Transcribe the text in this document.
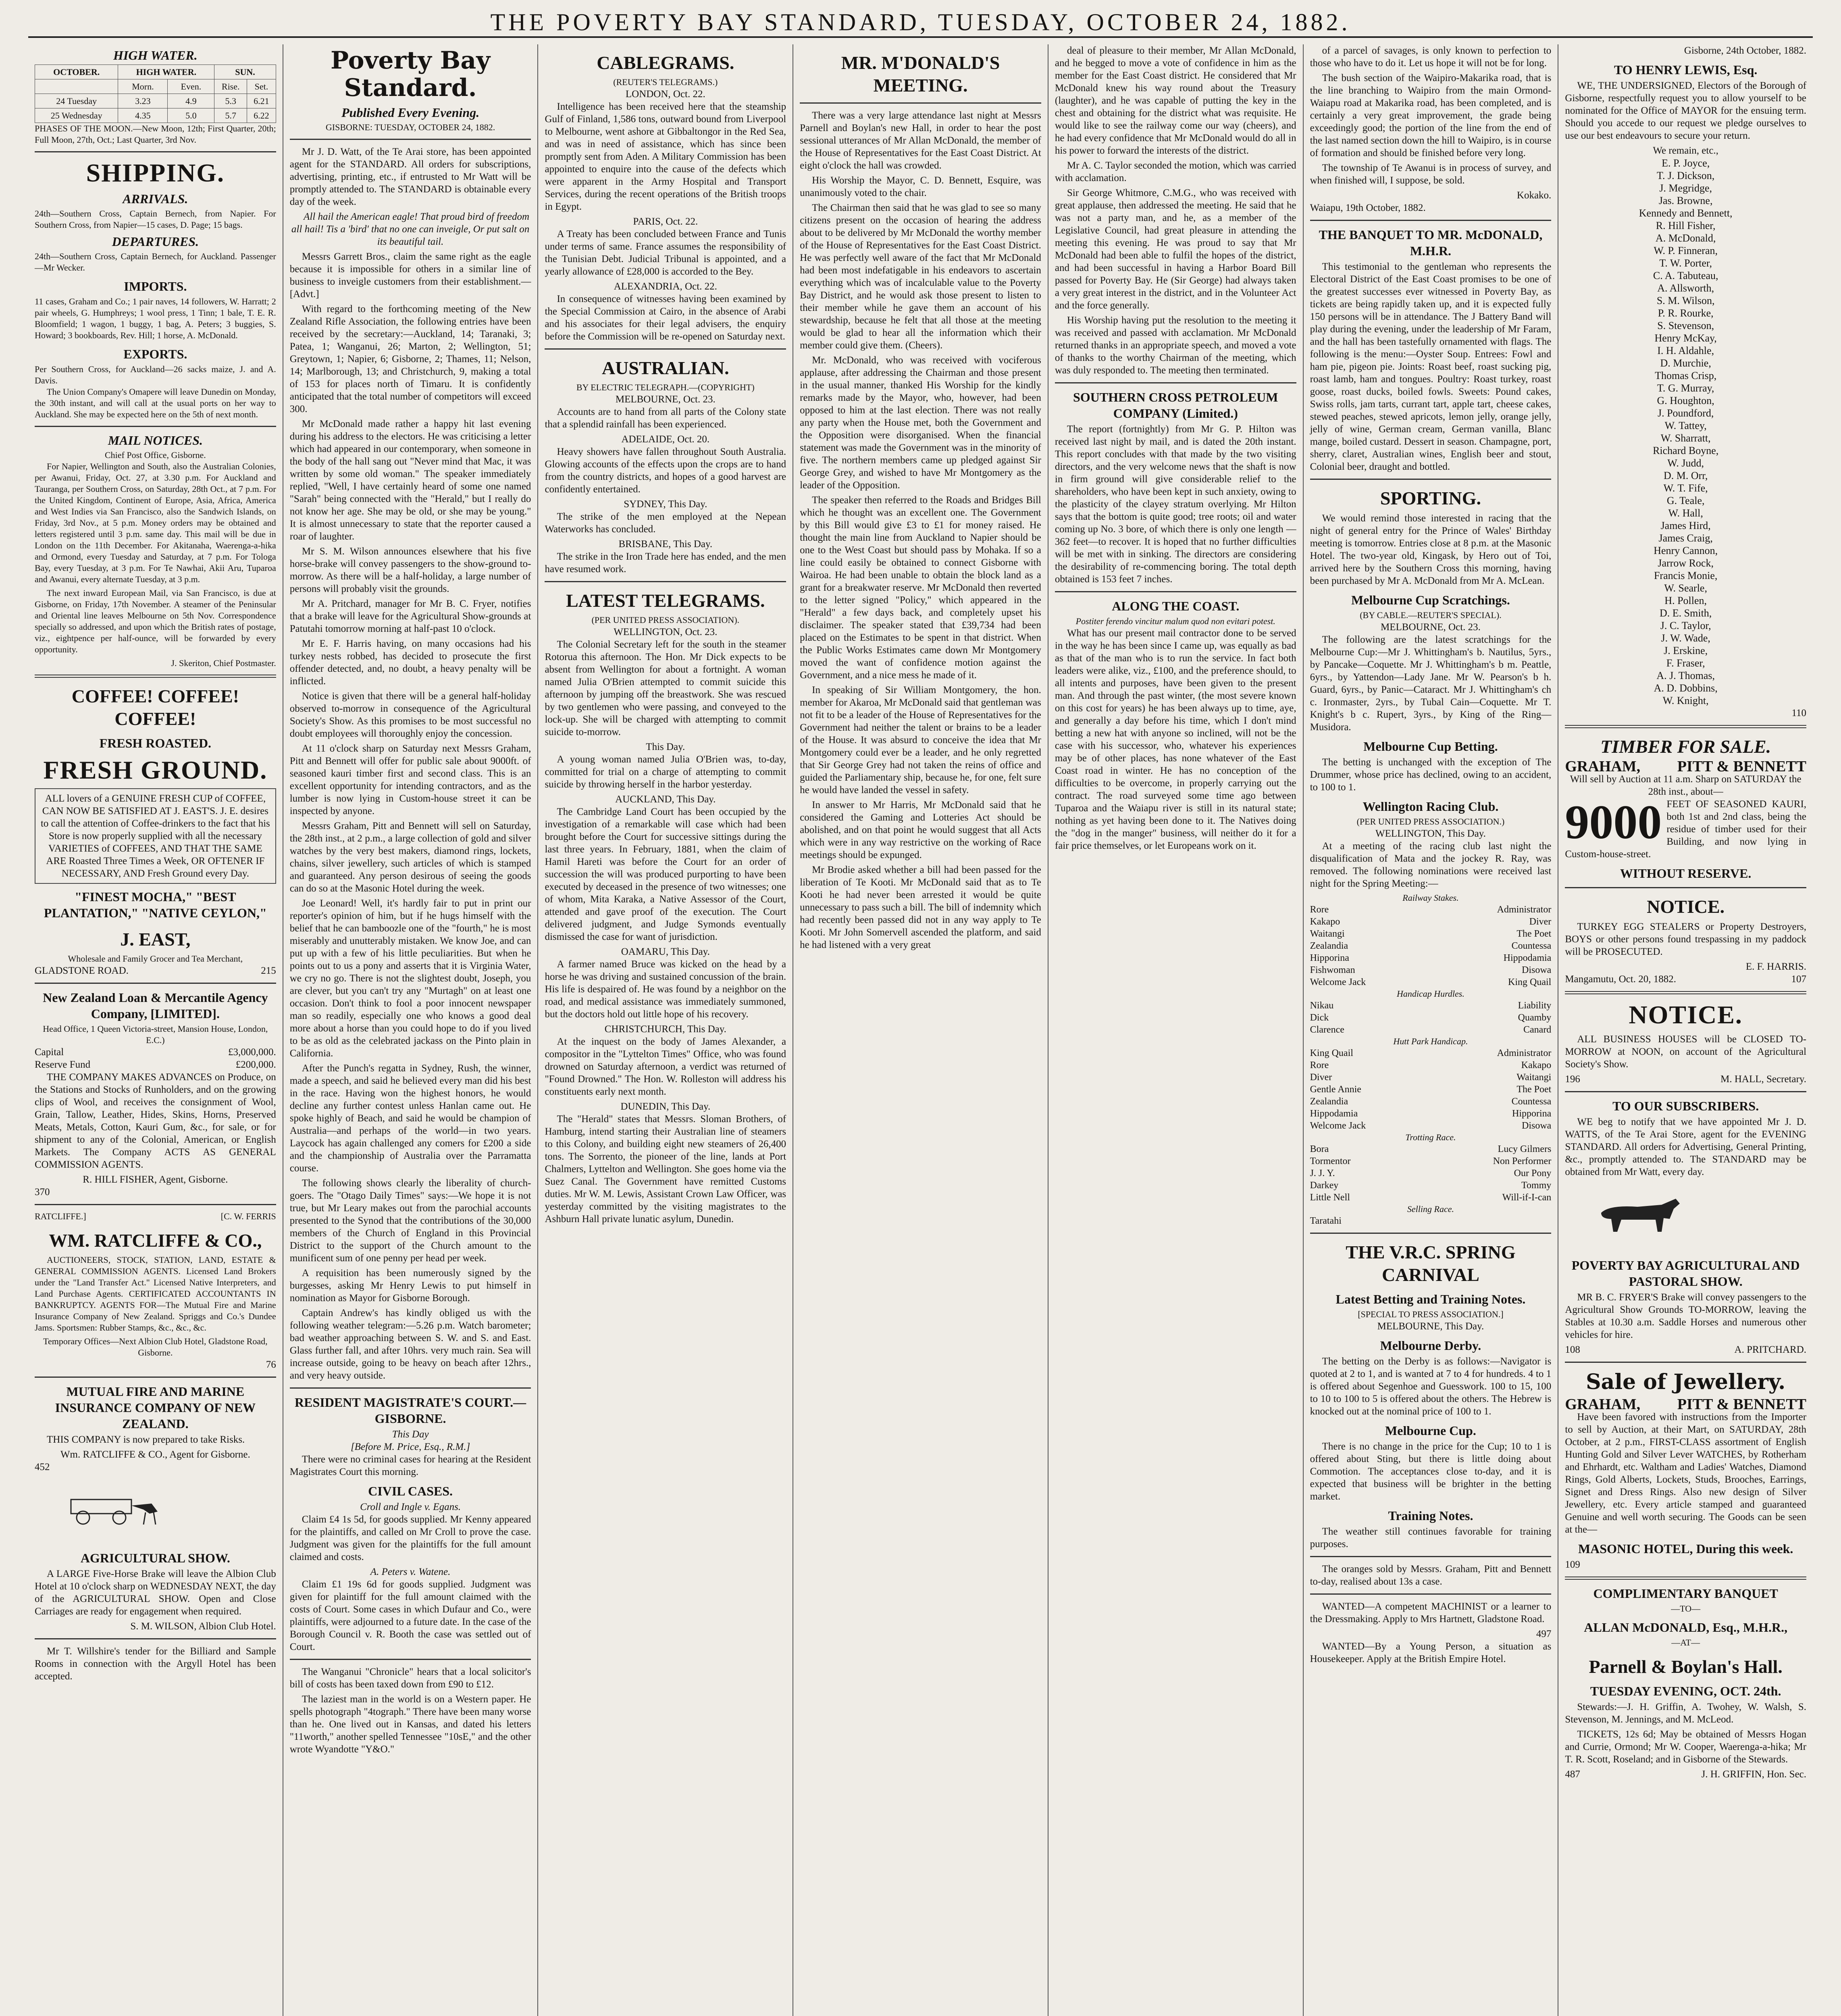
THE POVERTY BAY STANDARD, TUESDAY, OCTOBER 24, 1882.
HIGH WATER.
OCTOBER.	HIGH WATER.		SUN.	
	Morn.	Even.	Rise.	Set.
24 Tuesday	3.23	4.9	5.3	6.21
25 Wednesday	4.35	5.0	5.7	6.22
PHASES OF THE MOON.—New Moon, 12th; First Quarter, 20th; Full Moon, 27th, Oct.; Last Quarter, 3rd Nov.
SHIPPING.
ARRIVALS.
24th—Southern Cross, Captain Bernech, from Napier. For Southern Cross, from Napier—15 cases, D. Page; 15 bags.
DEPARTURES.
24th—Southern Cross, Captain Bernech, for Auckland. Passenger—Mr Wecker.
IMPORTS.
11 cases, Graham and Co.; 1 pair naves, 14 followers, W. Harratt; 2 pair wheels, G. Humphreys; 1 wool press, 1 Tinn; 1 bale, T. E. R. Bloomfield; 1 wagon, 1 buggy, 1 bag, A. Peters; 3 buggies, S. Howard; 3 bookboards, Rev. Hill; 1 horse, A. McDonald.
EXPORTS.
Per Southern Cross, for Auckland—26 sacks maize, J. and A. Davis.

The Union Company's Omapere will leave Dunedin on Monday, the 30th instant, and will call at the usual ports on her way to Auckland. She may be expected here on the 5th of next month.

MAIL NOTICES.
Chief Post Office, Gisborne.

For Napier, Wellington and South, also the Australian Colonies, per Awanui, Friday, Oct. 27, at 3.30 p.m. For Auckland and Tauranga, per Southern Cross, on Saturday, 28th Oct., at 7 p.m. For the United Kingdom, Continent of Europe, Asia, Africa, America and West Indies via San Francisco, also the Sandwich Islands, on Friday, 3rd Nov., at 5 p.m. Money orders may be obtained and letters registered until 3 p.m. same day. This mail will be due in London on the 11th December. For Akitanaha, Waerenga-a-hika and Ormond, every Tuesday and Saturday, at 7 p.m. For Tologa Bay, every Tuesday, at 3 p.m. For Te Nawhai, Akii Aru, Tuparoa and Awanui, every alternate Tuesday, at 3 p.m.

The next inward European Mail, via San Francisco, is due at Gisborne, on Friday, 17th November. A steamer of the Peninsular and Oriental line leaves Melbourne on 5th Nov. Correspondence specially so addressed, and upon which the British rates of postage, viz., eightpence per half-ounce, will be forwarded by every opportunity.

J. Skeriton, Chief Postmaster.
COFFEE! COFFEE! COFFEE!
FRESH ROASTED.
FRESH GROUND.
ALL lovers of a GENUINE FRESH CUP of COFFEE, CAN NOW BE SATISFIED AT J. EAST'S. J. E. desires to call the attention of Coffee-drinkers to the fact that his Store is now properly supplied with all the necessary VARIETIES of COFFEES, AND THAT THE SAME ARE Roasted Three Times a Week, OR OFTENER IF NECESSARY, AND Fresh Ground every Day.
"FINEST MOCHA," "BEST PLANTATION," "NATIVE CEYLON,"
J. EAST,
Wholesale and Family Grocer and Tea Merchant,
GLADSTONE ROAD.	215
New Zealand Loan & Mercantile Agency Company, [LIMITED].
Head Office, 1 Queen Victoria-street, Mansion House, London, E.C.)
Capital	£3,000,000.
Reserve Fund	£200,000.

THE COMPANY MAKES ADVANCES on Produce, on the Stations and Stocks of Runholders, and on the growing clips of Wool, and receives the consignment of Wool, Grain, Tallow, Leather, Hides, Skins, Horns, Preserved Meats, Metals, Cotton, Kauri Gum, &c., for sale, or for shipment to any of the Colonial, American, or English Markets. The Company ACTS AS GENERAL COMMISSION AGENTS.

R. HILL FISHER, Agent, Gisborne.
370
RATCLIFFE.]	[C. W. FERRIS
WM. RATCLIFFE & CO.,

AUCTIONEERS, STOCK, STATION, LAND, ESTATE & GENERAL COMMISSION AGENTS. Licensed Land Brokers under the "Land Transfer Act." Licensed Native Interpreters, and Land Purchase Agents. CERTIFICATED ACCOUNTANTS IN BANKRUPTCY. AGENTS FOR—The Mutual Fire and Marine Insurance Company of New Zealand. Spriggs and Co.'s Dundee Jams. Sportsmen: Rubber Stamps, &c., &c., &c.

Temporary Offices—Next Albion Club Hotel, Gladstone Road, Gisborne.
76
MUTUAL FIRE AND MARINE INSURANCE COMPANY OF NEW ZEALAND.

THIS COMPANY is now prepared to take Risks.

Wm. RATCLIFFE & CO., Agent for Gisborne.
452
AGRICULTURAL SHOW.

A LARGE Five-Horse Brake will leave the Albion Club Hotel at 10 o'clock sharp on WEDNESDAY NEXT, the day of the AGRICULTURAL SHOW. Open and Close Carriages are ready for engagement when required.

S. M. WILSON, Albion Club Hotel.

Mr T. Willshire's tender for the Billiard and Sample Rooms in connection with the Argyll Hotel has been accepted.

Poverty Bay Standard.
Published Every Evening.
GISBORNE: TUESDAY, OCTOBER 24, 1882.

Mr J. D. Watt, of the Te Arai store, has been appointed agent for the STANDARD. All orders for subscriptions, advertising, printing, etc., if entrusted to Mr Watt will be promptly attended to. The STANDARD is obtainable every day of the week.

All hail the American eagle! That proud bird of freedom all hail! Tis a 'bird' that no one can inveigle, Or put salt on its beautiful tail.

Messrs Garrett Bros., claim the same right as the eagle because it is impossible for others in a similar line of business to inveigle customers from their establishment.—[Advt.]

With regard to the forthcoming meeting of the New Zealand Rifle Association, the following entries have been received by the secretary:—Auckland, 14; Taranaki, 3; Patea, 1; Wanganui, 26; Marton, 2; Wellington, 51; Greytown, 1; Napier, 6; Gisborne, 2; Thames, 11; Nelson, 14; Marlborough, 13; and Christchurch, 9, making a total of 153 for places north of Timaru. It is confidently anticipated that the total number of competitors will exceed 300.

Mr McDonald made rather a happy hit last evening during his address to the electors. He was criticising a letter which had appeared in our contemporary, when someone in the body of the hall sang out "Never mind that Mac, it was written by some old woman." The speaker immediately replied, "Well, I have certainly heard of some one named "Sarah" being connected with the "Herald," but I really do not know her age. She may be old, or she may be young." It is almost unnecessary to state that the reporter caused a roar of laughter.

Mr S. M. Wilson announces elsewhere that his five horse-brake will convey passengers to the show-ground to-morrow. As there will be a half-holiday, a large number of persons will probably visit the grounds.

Mr A. Pritchard, manager for Mr B. C. Fryer, notifies that a brake will leave for the Agricultural Show-grounds at Patutahi tomorrow morning at half-past 10 o'clock.

Mr E. F. Harris having, on many occasions had his turkey nests robbed, has decided to prosecute the first offender detected, and, no doubt, a heavy penalty will be inflicted.

Notice is given that there will be a general half-holiday observed to-morrow in consequence of the Agricultural Society's Show. As this promises to be most successful no doubt employees will thoroughly enjoy the concession.

At 11 o'clock sharp on Saturday next Messrs Graham, Pitt and Bennett will offer for public sale about 9000ft. of seasoned kauri timber first and second class. This is an excellent opportunity for intending contractors, and as the lumber is now lying in Custom-house street it can be inspected by anyone.

Messrs Graham, Pitt and Bennett will sell on Saturday, the 28th inst., at 2 p.m., a large collection of gold and silver watches by the very best makers, diamond rings, lockets, chains, silver jewellery, such articles of which is stamped and guaranteed. Any person desirous of seeing the goods can do so at the Masonic Hotel during the week.

Joe Leonard! Well, it's hardly fair to put in print our reporter's opinion of him, but if he hugs himself with the belief that he can bamboozle one of the "fourth," he is most miserably and unutterably mistaken. We know Joe, and can put up with a few of his little peculiarities. But when he points out to us a pony and asserts that it is Virginia Water, we cry no go. There is not the slightest doubt, Joseph, you are clever, but you can't try any "Murtagh" on at least one occasion. Don't think to fool a poor innocent newspaper man so readily, especially one who knows a good deal more about a horse than you could hope to do if you lived to be as old as the celebrated jackass on the Pinto plain in California.

After the Punch's regatta in Sydney, Rush, the winner, made a speech, and said he believed every man did his best in the race. Having won the highest honors, he would decline any further contest unless Hanlan came out. He spoke highly of Beach, and said he would be champion of Australia—and perhaps of the world—in two years. Laycock has again challenged any comers for £200 a side and the championship of Australia over the Parramatta course.

The following shows clearly the liberality of church-goers. The "Otago Daily Times" says:—We hope it is not true, but Mr Leary makes out from the parochial accounts presented to the Synod that the contributions of the 30,000 members of the Church of England in this Provincial District to the support of the Church amount to the munificent sum of one penny per head per week.

A requisition has been numerously signed by the burgesses, asking Mr Henry Lewis to put himself in nomination as Mayor for Gisborne Borough.

Captain Andrew's has kindly obliged us with the following weather telegram:—5.26 p.m. Watch barometer; bad weather approaching between S. W. and S. and East. Glass further fall, and after 10hrs. very much rain. Sea will increase outside, going to be heavy on beach after 12hrs., and very heavy outside.

RESIDENT MAGISTRATE'S COURT.—GISBORNE.
This Day
[Before M. Price, Esq., R.M.]

There were no criminal cases for hearing at the Resident Magistrates Court this morning.

CIVIL CASES.
Croll and Ingle v. Egans.

Claim £4 1s 5d, for goods supplied. Mr Kenny appeared for the plaintiffs, and called on Mr Croll to prove the case. Judgment was given for the plaintiffs for the full amount claimed and costs.

A. Peters v. Watene.

Claim £1 19s 6d for goods supplied. Judgment was given for plaintiff for the full amount claimed with the costs of Court. Some cases in which Dufaur and Co., were plaintiffs, were adjourned to a future date. In the case of the Borough Council v. R. Booth the case was settled out of Court.

The Wanganui "Chronicle" hears that a local solicitor's bill of costs has been taxed down from £90 to £12.

The laziest man in the world is on a Western paper. He spells photograph "4tograph." There have been many worse than he. One lived out in Kansas, and dated his letters "11worth," another spelled Tennessee "10sE," and the other wrote Wyandotte "Y&O."

CABLEGRAMS.
(REUTER'S TELEGRAMS.)
LONDON, Oct. 22.

Intelligence has been received here that the steamship Gulf of Finland, 1,586 tons, outward bound from Liverpool to Melbourne, went ashore at Gibbaltongor in the Red Sea, and was in need of assistance, which has since been promptly sent from Aden. A Military Commission has been appointed to enquire into the cause of the defects which were apparent in the Army Hospital and Transport Services, during the recent operations of the British troops in Egypt.

PARIS, Oct. 22.

A Treaty has been concluded between France and Tunis under terms of same. France assumes the responsibility of the Tunisian Debt. Judicial Tribunal is appointed, and a yearly allowance of £28,000 is accorded to the Bey.

ALEXANDRIA, Oct. 22.

In consequence of witnesses having been examined by the Special Commission at Cairo, in the absence of Arabi and his associates for their legal advisers, the enquiry before the Commission will be re-opened on Saturday next.

AUSTRALIAN.
BY ELECTRIC TELEGRAPH.—(COPYRIGHT)
MELBOURNE, Oct. 23.

Accounts are to hand from all parts of the Colony state that a splendid rainfall has been experienced.

ADELAIDE, Oct. 20.

Heavy showers have fallen throughout South Australia. Glowing accounts of the effects upon the crops are to hand from the country districts, and hopes of a good harvest are confidently entertained.

SYDNEY, This Day.

The strike of the men employed at the Nepean Waterworks has concluded.

BRISBANE, This Day.

The strike in the Iron Trade here has ended, and the men have resumed work.

LATEST TELEGRAMS.
(PER UNITED PRESS ASSOCIATION).
WELLINGTON, Oct. 23.

The Colonial Secretary left for the south in the steamer Rotorua this afternoon. The Hon. Mr Dick expects to be absent from Wellington for about a fortnight. A woman named Julia O'Brien attempted to commit suicide this afternoon by jumping off the breastwork. She was rescued by two gentlemen who were passing, and conveyed to the lock-up. She will be charged with attempting to commit suicide to-morrow.

This Day.

A young woman named Julia O'Brien was, to-day, committed for trial on a charge of attempting to commit suicide by throwing herself in the harbor yesterday.

AUCKLAND, This Day.

The Cambridge Land Court has been occupied by the investigation of a remarkable will case which had been brought before the Court for successive sittings during the last three years. In February, 1881, when the claim of Hamil Hareti was before the Court for an order of succession the will was produced purporting to have been executed by deceased in the presence of two witnesses; one of whom, Mita Karaka, a Native Assessor of the Court, attended and gave proof of the execution. The Court delivered judgment, and Judge Symonds eventually dismissed the case for want of jurisdiction.

OAMARU, This Day.

A farmer named Bruce was kicked on the head by a horse he was driving and sustained concussion of the brain. His life is despaired of. He was found by a neighbor on the road, and medical assistance was immediately summoned, but the doctors hold out little hope of his recovery.

CHRISTCHURCH, This Day.

At the inquest on the body of James Alexander, a compositor in the "Lyttelton Times" Office, who was found drowned on Saturday afternoon, a verdict was returned of "Found Drowned." The Hon. W. Rolleston will address his constituents early next month.

DUNEDIN, This Day.

The "Herald" states that Messrs. Sloman Brothers, of Hamburg, intend starting their Australian line of steamers to this Colony, and building eight new steamers of 26,400 tons. The Sorrento, the pioneer of the line, lands at Port Chalmers, Lyttelton and Wellington. She goes home via the Suez Canal. The Government have remitted Customs duties. Mr W. M. Lewis, Assistant Crown Law Officer, was yesterday committed by the visiting magistrates to the Ashburn Hall private lunatic asylum, Dunedin.

MR. M'DONALD'S MEETING.

There was a very large attendance last night at Messrs Parnell and Boylan's new Hall, in order to hear the post sessional utterances of Mr Allan McDonald, the member of the House of Representatives for the East Coast District. At eight o'clock the hall was crowded.

His Worship the Mayor, C. D. Bennett, Esquire, was unanimously voted to the chair.

The Chairman then said that he was glad to see so many citizens present on the occasion of hearing the address about to be delivered by Mr McDonald the worthy member of the House of Representatives for the East Coast District. He was perfectly well aware of the fact that Mr McDonald had been most indefatigable in his endeavors to ascertain everything which was of incalculable value to the Poverty Bay District, and he would ask those present to listen to their member while he gave them an account of his stewardship, because he felt that all those at the meeting would be glad to hear all the information which their member could give them. (Cheers).

Mr. McDonald, who was received with vociferous applause, after addressing the Chairman and those present in the usual manner, thanked His Worship for the kindly remarks made by the Mayor, who, however, had been opposed to him at the last election. There was not really any party when the House met, both the Government and the Opposition were disorganised. When the financial statement was made the Government was in the minority of five. The northern members came up pledged against Sir George Grey, and wished to have Mr Montgomery as the leader of the Opposition.

The speaker then referred to the Roads and Bridges Bill which he thought was an excellent one. The Government by this Bill would give £3 to £1 for money raised. He thought the main line from Auckland to Napier should be one to the West Coast but should pass by Mohaka. If so a line could easily be obtained to connect Gisborne with Wairoa. He had been unable to obtain the block land as a grant for a breakwater reserve. Mr McDonald then reverted to the letter signed "Policy," which appeared in the "Herald" a few days back, and completely upset his disclaimer. The speaker stated that £39,734 had been placed on the Estimates to be spent in that district. When the Public Works Estimates came down Mr Montgomery moved the want of confidence motion against the Government, and a nice mess he made of it.

In speaking of Sir William Montgomery, the hon. member for Akaroa, Mr McDonald said that gentleman was not fit to be a leader of the House of Representatives for the Government had neither the talent or brains to be a leader of the House. It was absurd to conceive the idea that Mr Montgomery could ever be a leader, and he only regretted that Sir George Grey had not taken the reins of office and guided the Parliamentary ship, because he, for one, felt sure he would have landed the vessel in safety.

In answer to Mr Harris, Mr McDonald said that he considered the Gaming and Lotteries Act should be abolished, and on that point he would suggest that all Acts which were in any way restrictive on the working of Race meetings should be expunged.

Mr Brodie asked whether a bill had been passed for the liberation of Te Kooti. Mr McDonald said that as to Te Kooti he had never been arrested it would be quite unnecessary to pass such a bill. The bill of indemnity which had recently been passed did not in any way apply to Te Kooti. Mr John Somervell ascended the platform, and said he had listened with a very great

deal of pleasure to their member, Mr Allan McDonald, and he begged to move a vote of confidence in him as the member for the East Coast district. He considered that Mr McDonald knew his way round about the Treasury (laughter), and he was capable of putting the key in the chest and obtaining for the district what was requisite. He would like to see the railway come our way (cheers), and he had every confidence that Mr McDonald would do all in his power to forward the interests of the district.

Mr A. C. Taylor seconded the motion, which was carried with acclamation.

Sir George Whitmore, C.M.G., who was received with great applause, then addressed the meeting. He said that he was not a party man, and he, as a member of the Legislative Council, had great pleasure in attending the meeting this evening. He was proud to say that Mr McDonald had been able to fulfil the hopes of the district, and had been successful in having a Harbor Board Bill passed for Poverty Bay. He (Sir George) had always taken a very great interest in the district, and in the Volunteer Act and the force generally.

His Worship having put the resolution to the meeting it was received and passed with acclamation. Mr McDonald returned thanks in an appropriate speech, and moved a vote of thanks to the worthy Chairman of the meeting, which was duly responded to. The meeting then terminated.

SOUTHERN CROSS PETROLEUM COMPANY (Limited.)

The report (fortnightly) from Mr G. P. Hilton was received last night by mail, and is dated the 20th instant. This report concludes with that made by the two visiting directors, and the very welcome news that the shaft is now in firm ground will give considerable relief to the shareholders, who have been kept in such anxiety, owing to the plasticity of the clayey stratum overlying. Mr Hilton says that the bottom is quite good; tree roots; oil and water coming up No. 3 bore, of which there is only one length —362 feet—to recover. It is hoped that no further difficulties will be met with in sinking. The directors are considering the desirability of re-commencing boring. The total depth obtained is 153 feet 7 inches.

ALONG THE COAST.
Postiter ferendo vincitur malum quod non evitari potest.

What has our present mail contractor done to be served in the way he has been since I came up, was equally as bad as that of the man who is to run the service. In fact both leaders were alike, viz., £100, and the preference should, to all intents and purposes, have been given to the present man. And through the past winter, (the most severe known on this cost for years) he has been always up to time, aye, and generally a day before his time, which I don't mind betting a new hat with anyone so inclined, will not be the case with his successor, who, whatever his experiences may be of other places, has none whatever of the East Coast road in winter. He has no conception of the difficulties to be overcome, in properly carrying out the contract. The road surveyed some time ago between Tuparoa and the Waiapu river is still in its natural state; nothing as yet having been done to it. The Natives doing the "dog in the manger" business, will neither do it for a fair price themselves, or let Europeans work on it.

of a parcel of savages, is only known to perfection to those who have to do it. Let us hope it will not be for long.

The bush section of the Waipiro-Makarika road, that is the line branching to Waipiro from the main Ormond-Waiapu road at Makarika road, has been completed, and is certainly a very great improvement, the grade being exceedingly good; the portion of the line from the end of the last named section down the hill to Waipiro, is in course of formation and should be finished before very long.

The township of Te Awanui is in process of survey, and when finished will, I suppose, be sold.

Kokako.
Waiapu, 19th October, 1882.
THE BANQUET TO MR. McDONALD, M.H.R.

This testimonial to the gentleman who represents the Electoral District of the East Coast promises to be one of the greatest successes ever witnessed in Poverty Bay, as tickets are being rapidly taken up, and it is expected fully 150 persons will be in attendance. The J Battery Band will play during the evening, under the leadership of Mr Faram, and the hall has been tastefully ornamented with flags. The following is the menu:—Oyster Soup. Entrees: Fowl and ham pie, pigeon pie. Joints: Roast beef, roast sucking pig, roast lamb, ham and tongues. Poultry: Roast turkey, roast goose, roast ducks, boiled fowls. Sweets: Pound cakes, Swiss rolls, jam tarts, currant tart, apple tart, cheese cakes, stewed peaches, stewed apricots, lemon jelly, orange jelly, jelly of wine, German cream, German vanilla, Blanc mange, boiled custard. Dessert in season. Champagne, port, sherry, claret, Australian wines, English beer and stout, Colonial beer, draught and bottled.

SPORTING.

We would remind those interested in racing that the night of general entry for the Prince of Wales' Birthday meeting is tomorrow. Entries close at 8 p.m. at the Masonic Hotel. The two-year old, Kingask, by Hero out of Toi, arrived here by the Southern Cross this morning, having been purchased by Mr A. McDonald from Mr A. McLean.

Melbourne Cup Scratchings.
(BY CABLE.—REUTER'S SPECIAL).
MELBOURNE, Oct. 23.

The following are the latest scratchings for the Melbourne Cup:—Mr J. Whittingham's b. Nautilus, 5yrs., by Pancake—Coquette. Mr J. Whittingham's b m. Peattle, 6yrs., by Yattendon—Lady Jane. Mr W. Pearson's b h. Guard, 6yrs., by Panic—Cataract. Mr J. Whittingham's ch c. Ironmaster, 2yrs., by Tubal Cain—Coquette. Mr T. Knight's b c. Rupert, 3yrs., by King of the Ring—Musidora.

Melbourne Cup Betting.

The betting is unchanged with the exception of The Drummer, whose price has declined, owing to an accident, to 100 to 1.

Wellington Racing Club.
(PER UNITED PRESS ASSOCIATION.)
WELLINGTON, This Day.

At a meeting of the racing club last night the disqualification of Mata and the jockey R. Ray, was removed. The following nominations were received last night for the Spring Meeting:—

Railway Stakes.
Rore	Administrator
Kakapo	Diver
Waitangi	The Poet
Zealandia	Countessa
Hipporina	Hippodamia
Fishwoman	Disowa
Welcome Jack	King Quail
Handicap Hurdles.
Nikau	Liability
Dick	Quamby
Clarence	Canard
Hutt Park Handicap.
King Quail	Administrator
Rore	Kakapo
Diver	Waitangi
Gentle Annie	The Poet
Zealandia	Countessa
Hippodamia	Hipporina
Welcome Jack	Disowa
Trotting Race.
Bora	Lucy Gilmers
Tormentor	Non Performer
J. J. Y.	Our Pony
Darkey	Tommy
Little Nell	Will-if-I-can
Selling Race.
Taratahi
THE V.R.C. SPRING CARNIVAL
Latest Betting and Training Notes.
[SPECIAL TO PRESS ASSOCIATION.]
MELBOURNE, This Day.
Melbourne Derby.

The betting on the Derby is as follows:—Navigator is quoted at 2 to 1, and is wanted at 7 to 4 for hundreds. 4 to 1 is offered about Segenhoe and Guesswork. 100 to 15, 100 to 10 to 100 to 5 is offered about the others. The Hebrew is knocked out at the nominal price of 100 to 1.

Melbourne Cup.

There is no change in the price for the Cup; 10 to 1 is offered about Sting, but there is little doing about Commotion. The acceptances close to-day, and it is expected that business will be brighter in the betting market.

Training Notes.

The weather still continues favorable for training purposes.

The oranges sold by Messrs. Graham, Pitt and Bennett to-day, realised about 13s a case.

WANTED—A competent MACHINIST or a learner to the Dressmaking. Apply to Mrs Hartnett, Gladstone Road.

497

WANTED—By a Young Person, a situation as Housekeeper. Apply at the British Empire Hotel.

Gisborne, 24th October, 1882.
TO HENRY LEWIS, Esq.

WE, THE UNDERSIGNED, Electors of the Borough of Gisborne, respectfully request you to allow yourself to be nominated for the Office of MAYOR for the ensuing term. Should you accede to our request we pledge ourselves to use our best endeavours to secure your return.

We remain, etc.,
E. P. Joyce,
T. J. Dickson,
J. Megridge,
Jas. Browne,
Kennedy and Bennett,
R. Hill Fisher,
A. McDonald,
W. P. Finneran,
T. W. Porter,
C. A. Tabuteau,
A. Allsworth,
S. M. Wilson,
P. R. Rourke,
S. Stevenson,
Henry McKay,
I. H. Aldahle,
D. Murchie,
Thomas Crisp,
T. G. Murray,
G. Houghton,
J. Poundford,
W. Tattey,
W. Sharratt,
Richard Boyne,
W. Judd,
D. M. Orr,
W. T. Fife,
G. Teale,
W. Hall,
James Hird,
James Craig,
Henry Cannon,
Jarrow Rock,
Francis Monie,
W. Searle,
H. Pollen,
D. E. Smith,
J. C. Taylor,
J. W. Wade,
J. Erskine,
F. Fraser,
A. J. Thomas,
A. D. Dobbins,
W. Knight,
110
TIMBER FOR SALE.
GRAHAM, PITT & BENNETT
Will sell by Auction at 11 a.m. Sharp on SATURDAY the 28th inst., about—
9000 FEET OF SEASONED KAURI, both 1st and 2nd class, being the residue of timber used for their Building, and now lying in Custom-house-street.
WITHOUT RESERVE.
NOTICE.

TURKEY EGG STEALERS or Property Destroyers, BOYS or other persons found trespassing in my paddock will be PROSECUTED.

E. F. HARRIS.
Mangamutu, Oct. 20, 1882.	107
NOTICE.

ALL BUSINESS HOUSES will be CLOSED TO-MORROW at NOON, on account of the Agricultural Society's Show.

196	M. HALL, Secretary.
TO OUR SUBSCRIBERS.

WE beg to notify that we have appointed Mr J. D. WATTS, of the Te Arai Store, agent for the EVENING STANDARD. All orders for Advertising, General Printing, &c., promptly attended to. The STANDARD may be obtained from Mr Watt, every day.

POVERTY BAY AGRICULTURAL AND PASTORAL SHOW.

MR B. C. FRYER'S Brake will convey passengers to the Agricultural Show Grounds TO-MORROW, leaving the Stables at 10.30 a.m. Saddle Horses and numerous other vehicles for hire.

108	A. PRITCHARD.
Sale of Jewellery.
GRAHAM, PITT & BENNETT

Have been favored with instructions from the Importer to sell by Auction, at their Mart, on SATURDAY, 28th October, at 2 p.m., FIRST-CLASS assortment of English Hunting Gold and Silver Lever WATCHES, by Rotherham and Ehrhardt, etc. Waltham and Ladies' Watches, Diamond Rings, Gold Alberts, Lockets, Studs, Brooches, Earrings, Signet and Dress Rings. Also new design of Silver Jewellery, etc. Every article stamped and guaranteed Genuine and well worth securing. The Goods can be seen at the—

MASONIC HOTEL, During this week.
109
COMPLIMENTARY BANQUET
—TO—
ALLAN McDONALD, Esq., M.H.R.,
—AT—
Parnell & Boylan's Hall.
TUESDAY EVENING, OCT. 24th.

Stewards:—J. H. Griffin, A. Twohey, W. Walsh, S. Stevenson, M. Jennings, and M. McLeod.

TICKETS, 12s 6d; May be obtained of Messrs Hogan and Currie, Ormond; Mr W. Cooper, Waerenga-a-hika; Mr T. R. Scott, Roseland; and in Gisborne of the Stewards.

487	J. H. GRIFFIN, Hon. Sec.
